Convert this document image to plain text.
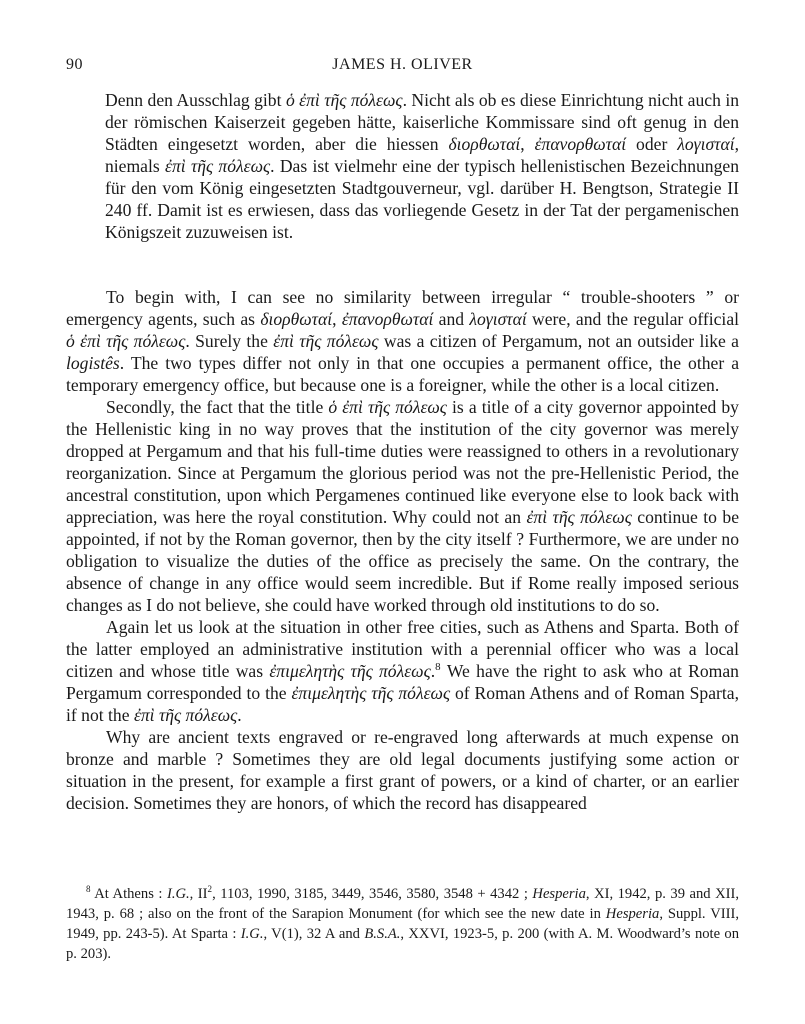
90	JAMES H. OLIVER

Denn den Ausschlag gibt ὁ ἐπὶ τῆς πόλεως. Nicht als ob es diese Einrichtung nicht auch in der römischen Kaiserzeit gegeben hätte, kaiserliche Kommissare sind oft genug in den Städten eingesetzt worden, aber die hiessen διορθωταί, ἐπανορθωταί oder λογισταί, niemals ἐπὶ τῆς πόλεως. Das ist vielmehr eine der typisch hellenistischen Bezeichnungen für den vom König eingesetzten Stadtgouverneur, vgl. darüber H. Bengtson, Strategie II 240 ff. Damit ist es erwiesen, dass das vorliegende Gesetz in der Tat der pergamenischen Königszeit zuzuweisen ist.

To begin with, I can see no similarity between irregular “ trouble-shooters ” or emergency agents, such as διορθωταί, ἐπανορθωταί and λογισταί were, and the regular official ὁ ἐπὶ τῆς πόλεως. Surely the ἐπὶ τῆς πόλεως was a citizen of Pergamum, not an outsider like a logistês. The two types differ not only in that one occupies a permanent office, the other a temporary emergency office, but because one is a foreigner, while the other is a local citizen.

Secondly, the fact that the title ὁ ἐπὶ τῆς πόλεως is a title of a city governor appointed by the Hellenistic king in no way proves that the institution of the city governor was merely dropped at Pergamum and that his full-time duties were reassigned to others in a revolutionary reorganization. Since at Pergamum the glorious period was not the pre-Hellenistic Period, the ancestral constitution, upon which Pergamenes continued like everyone else to look back with appreciation, was here the royal constitution. Why could not an ἐπὶ τῆς πόλεως continue to be appointed, if not by the Roman governor, then by the city itself ? Furthermore, we are under no obligation to visualize the duties of the office as precisely the same. On the contrary, the absence of change in any office would seem incredible. But if Rome really imposed serious changes as I do not believe, she could have worked through old institutions to do so.

Again let us look at the situation in other free cities, such as Athens and Sparta. Both of the latter employed an administrative institution with a perennial officer who was a local citizen and whose title was ἐπιμελητὴς τῆς πόλεως.$^8$ We have the right to ask who at Roman Pergamum corresponded to the ἐπιμελητὴς τῆς πόλεως of Roman Athens and of Roman Sparta, if not the ἐπὶ τῆς πόλεως.

Why are ancient texts engraved or re-engraved long afterwards at much expense on bronze and marble ? Sometimes they are old legal documents justifying some action or situation in the present, for example a first grant of powers, or a kind of charter, or an earlier decision. Sometimes they are honors, of which the record has disappeared

$^8$ At Athens : I.G., $II^2$, 1103, 1990, 3185, 3449, 3546, 3580, 3548 + 4342 ; Hesperia, XI, 1942, p. 39 and XII, 1943, p. 68 ; also on the front of the Sarapion Monument (for which see the new date in Hesperia, Suppl. VIII, 1949, pp. 243-5). At Sparta : I.G., V(1), 32 A and B.S.A., XXVI, 1923-5, p. 200 (with A. M. Woodward’s note on p. 203).
